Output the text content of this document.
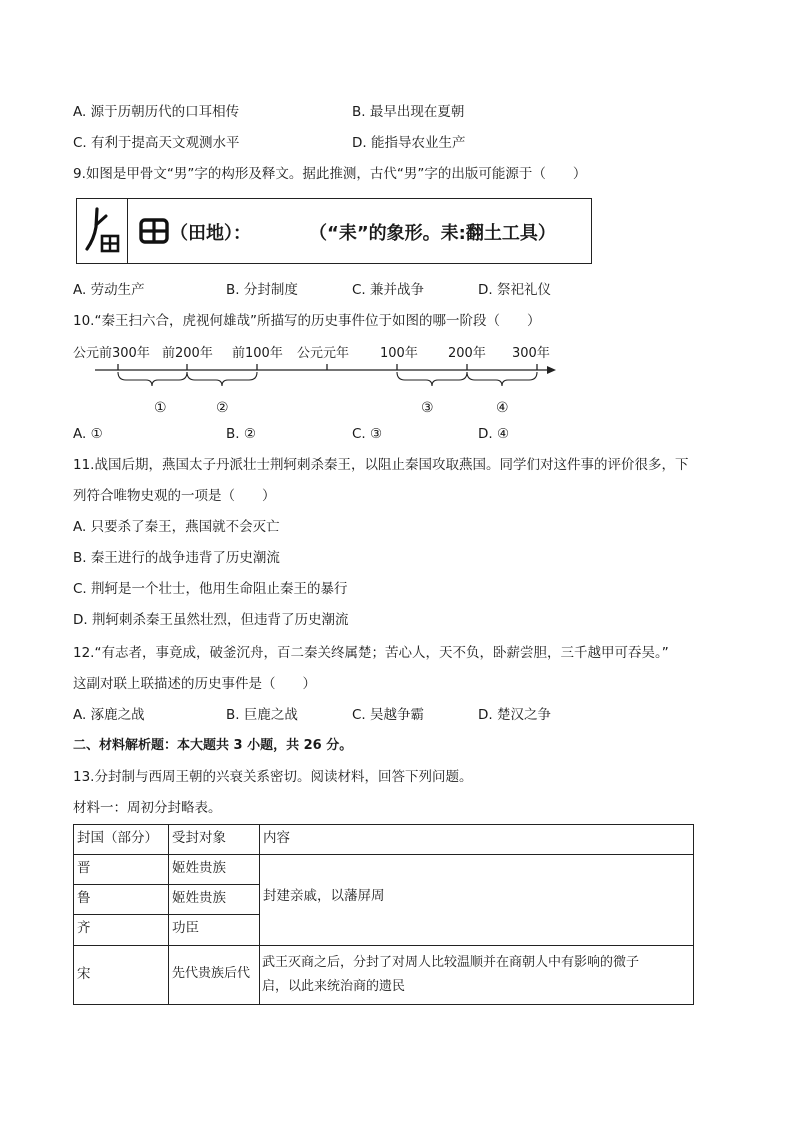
A. 源于历朝历代的口耳相传	B. 最早出现在夏朝
C. 有利于提高天文观测水平	D. 能指导农业生产
9.如图是甲骨文“男”字的构形及释文。据此推测，古代“男”字的出版可能源于（　　）
（田地）：	（“耒”的象形。耒:翻土工具）
A. 劳动生产	B. 分封制度	C. 兼并战争	D. 祭祀礼仪
10.“秦王扫六合，虎视何雄哉”所描写的历史事件位于如图的哪一阶段（　　）
公元前300年 前200年 前100年 公元元年 100年 200年 300年
①	②	③	④
A. ①	B. ②	C. ③	D. ④
11.战国后期，燕国太子丹派壮士荆轲刺杀秦王，以阻止秦国攻取燕国。同学们对这件事的评价很多，下
列符合唯物史观的一项是（　　）
A. 只要杀了秦王，燕国就不会灭亡
B. 秦王进行的战争违背了历史潮流
C. 荆轲是一个壮士，他用生命阻止秦王的暴行
D. 荆轲刺杀秦王虽然壮烈，但违背了历史潮流
12.“有志者，事竟成，破釜沉舟，百二秦关终属楚；苦心人，天不负，卧薪尝胆，三千越甲可吞吴。”
这副对联上联描述的历史事件是（　　）
A. 涿鹿之战	B. 巨鹿之战	C. 吴越争霸	D. 楚汉之争
二、材料解析题：本大题共 3 小题，共 26 分。
13.分封制与西周王朝的兴衰关系密切。阅读材料，回答下列问题。
材料一：周初分封略表。
封国（部分）	受封对象	内容
晋	姬姓贵族
鲁	姬姓贵族
齐	功臣
封建亲戚，以藩屏周
宋	先代贵族后代
武王灭商之后，分封了对周人比较温顺并在商朝人中有影响的微子
启，以此来统治商的遗民
